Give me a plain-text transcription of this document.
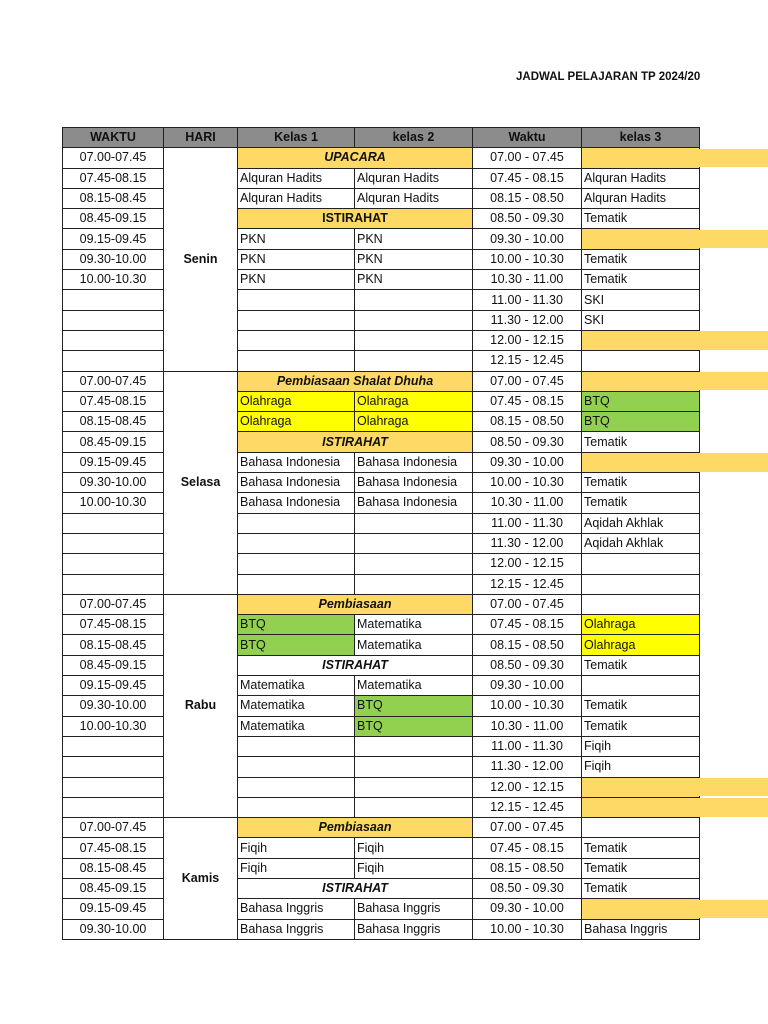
JADWAL PELAJARAN TP 2024/20
WAKTU	HARI	Kelas 1	kelas 2	Waktu	kelas 3
07.00-07.45	Senin	UPACARA		07.00 - 07.45	
07.45-08.15		Alquran Hadits	Alquran Hadits	07.45 - 08.15	Alquran Hadits
08.15-08.45		Alquran Hadits	Alquran Hadits	08.15 - 08.50	Alquran Hadits
08.45-09.15		ISTIRAHAT		08.50 - 09.30	Tematik
09.15-09.45		PKN	PKN	09.30 - 10.00	
09.30-10.00		PKN	PKN	10.00 - 10.30	Tematik
10.00-10.30		PKN	PKN	10.30 - 11.00	Tematik
				11.00 - 11.30	SKI
				11.30 - 12.00	SKI
				12.00 - 12.15	
				12.15 - 12.45	
07.00-07.45	Selasa	Pembiasaan Shalat Dhuha		07.00 - 07.45	
07.45-08.15		Olahraga	Olahraga	07.45 - 08.15	BTQ
08.15-08.45		Olahraga	Olahraga	08.15 - 08.50	BTQ
08.45-09.15		ISTIRAHAT		08.50 - 09.30	Tematik
09.15-09.45		Bahasa Indonesia	Bahasa Indonesia	09.30 - 10.00	
09.30-10.00		Bahasa Indonesia	Bahasa Indonesia	10.00 - 10.30	Tematik
10.00-10.30		Bahasa Indonesia	Bahasa Indonesia	10.30 - 11.00	Tematik
				11.00 - 11.30	Aqidah Akhlak
				11.30 - 12.00	Aqidah Akhlak
				12.00 - 12.15	
				12.15 - 12.45	
07.00-07.45	Rabu	Pembiasaan		07.00 - 07.45	
07.45-08.15		BTQ	Matematika	07.45 - 08.15	Olahraga
08.15-08.45		BTQ	Matematika	08.15 - 08.50	Olahraga
08.45-09.15		ISTIRAHAT		08.50 - 09.30	Tematik
09.15-09.45		Matematika	Matematika	09.30 - 10.00	
09.30-10.00		Matematika	BTQ	10.00 - 10.30	Tematik
10.00-10.30		Matematika	BTQ	10.30 - 11.00	Tematik
				11.00 - 11.30	Fiqih
				11.30 - 12.00	Fiqih
				12.00 - 12.15	
				12.15 - 12.45	
07.00-07.45	Kamis	Pembiasaan		07.00 - 07.45	
07.45-08.15		Fiqih	Fiqih	07.45 - 08.15	Tematik
08.15-08.45		Fiqih	Fiqih	08.15 - 08.50	Tematik
08.45-09.15		ISTIRAHAT		08.50 - 09.30	Tematik
09.15-09.45		Bahasa Inggris	Bahasa Inggris	09.30 - 10.00	
09.30-10.00		Bahasa Inggris	Bahasa Inggris	10.00 - 10.30	Bahasa Inggris
